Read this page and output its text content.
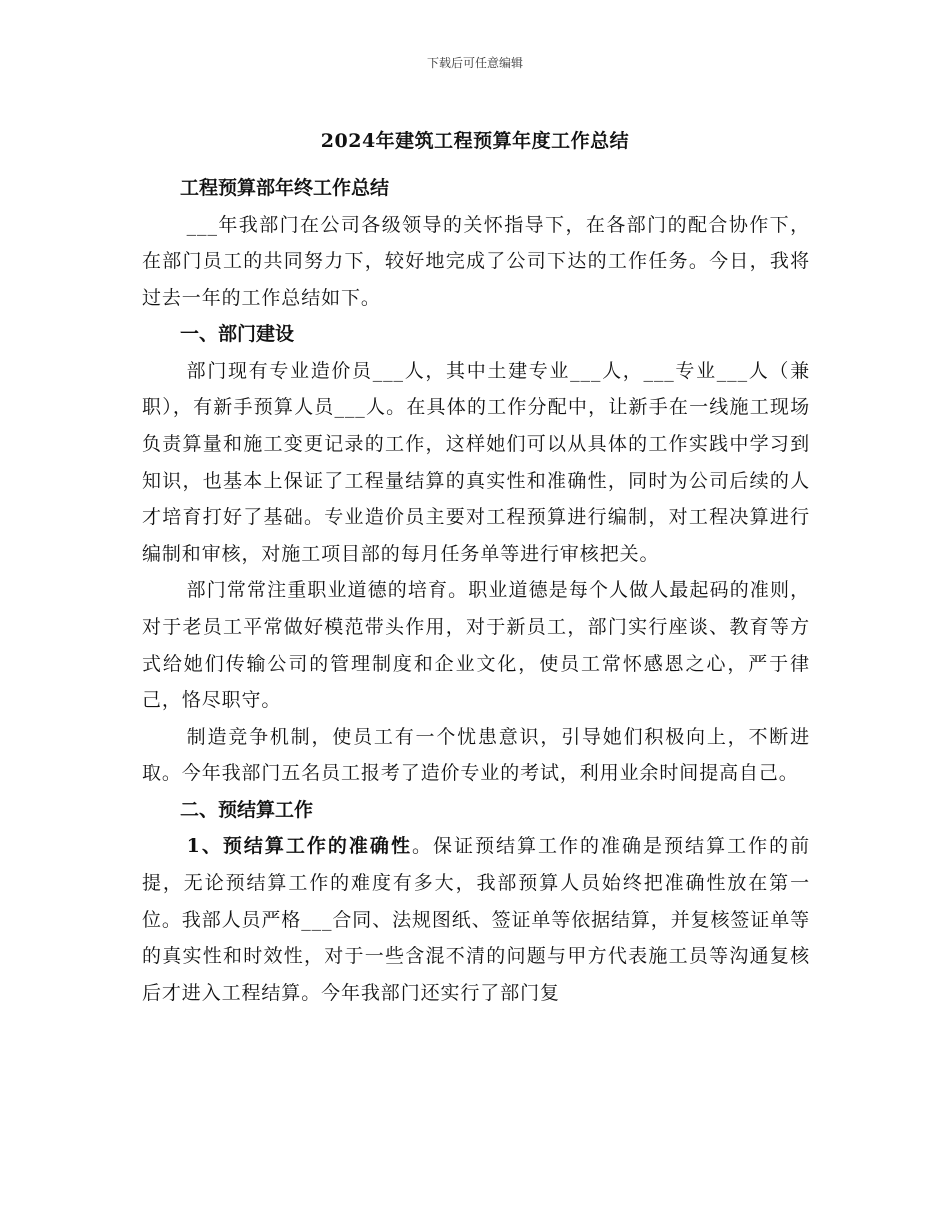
下载后可任意编辑
2024年建筑工程预算年度工作总结

工程预算部年终工作总结

___年我部门在公司各级领导的关怀指导下，在各部门的配合协作下，在部门员工的共同努力下，较好地完成了公司下达的工作任务。今日，我将过去一年的工作总结如下。

一、部门建设

部门现有专业造价员___人，其中土建专业___人，___专业___人（兼职），有新手预算人员___人。在具体的工作分配中，让新手在一线施工现场负责算量和施工变更记录的工作，这样她们可以从具体的工作实践中学习到知识，也基本上保证了工程量结算的真实性和准确性，同时为公司后续的人才培育打好了基础。专业造价员主要对工程预算进行编制，对工程决算进行编制和审核，对施工项目部的每月任务单等进行审核把关。

部门常常注重职业道德的培育。职业道德是每个人做人最起码的准则，对于老员工平常做好模范带头作用，对于新员工，部门实行座谈、教育等方式给她们传输公司的管理制度和企业文化，使员工常怀感恩之心，严于律己，恪尽职守。

制造竞争机制，使员工有一个忧患意识，引导她们积极向上，不断进取。今年我部门五名员工报考了造价专业的考试，利用业余时间提高自己。

二、预结算工作

1、预结算工作的准确性。保证预结算工作的准确是预结算工作的前提，无论预结算工作的难度有多大，我部预算人员始终把准确性放在第一位。我部人员严格___合同、法规图纸、签证单等依据结算，并复核签证单等的真实性和时效性，对于一些含混不清的问题与甲方代表施工员等沟通复核后才进入工程结算。今年我部门还实行了部门复
